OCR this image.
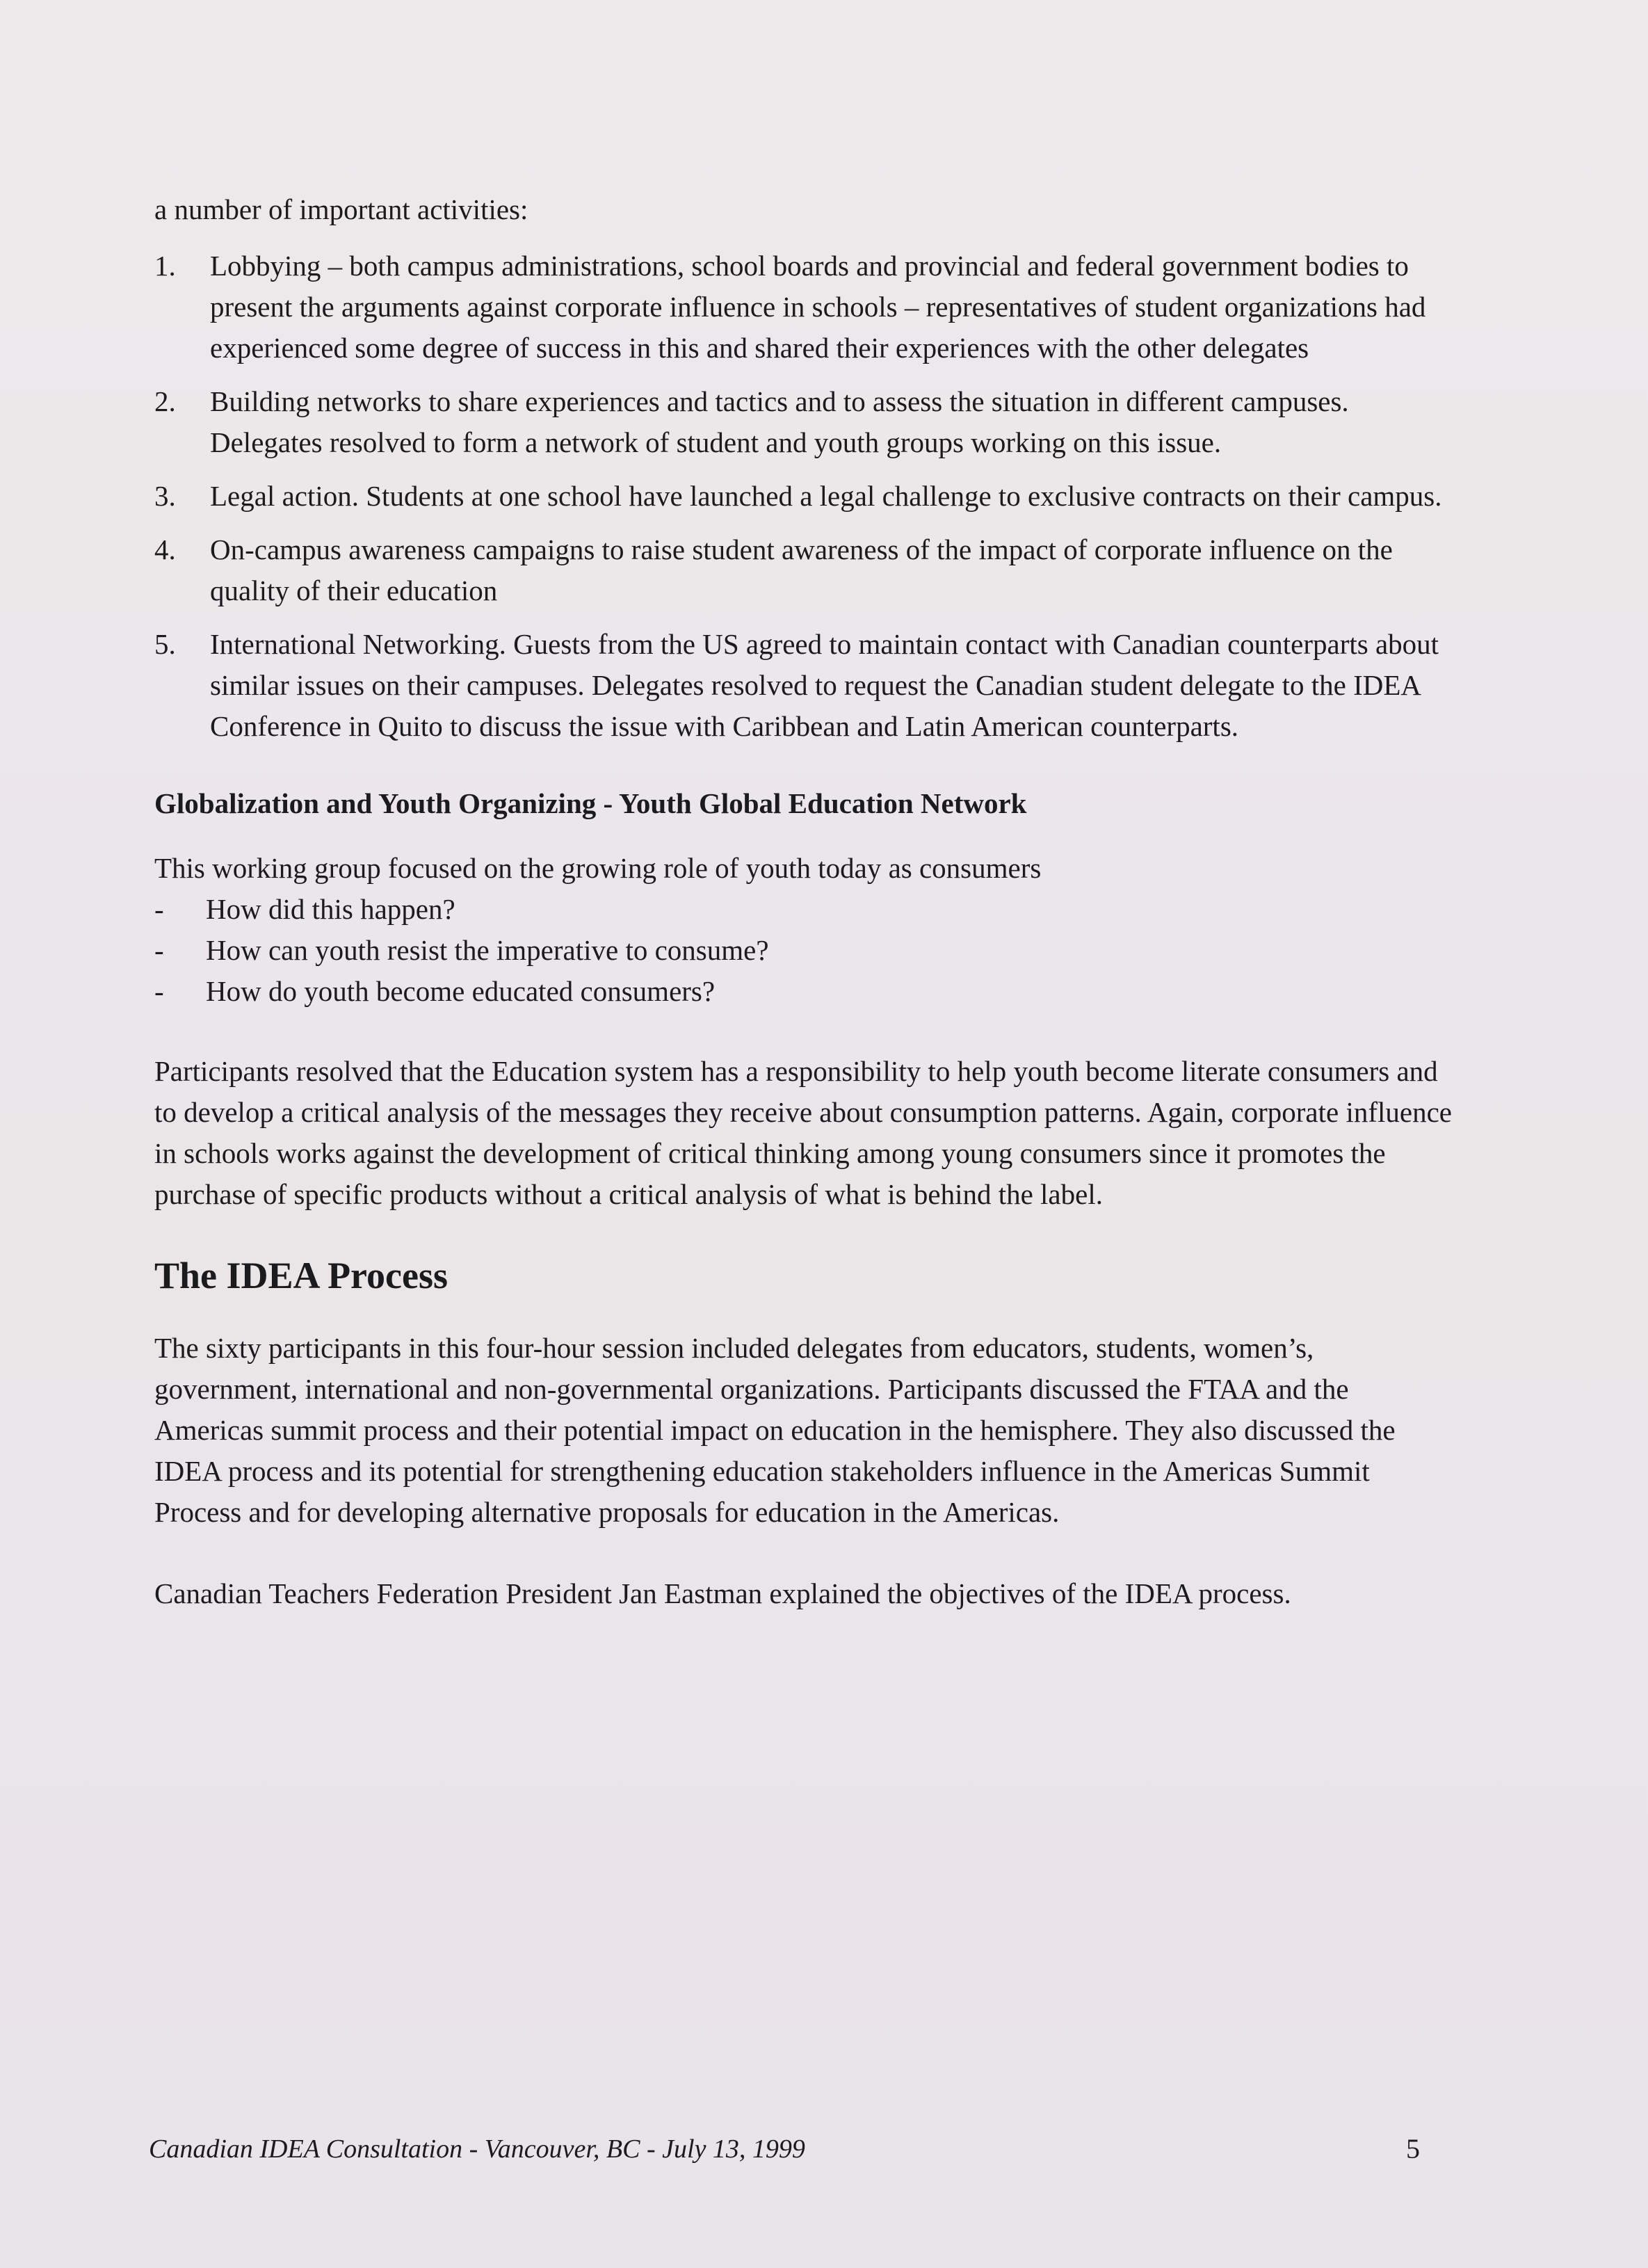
a number of important activities:

1. Lobbying – both campus administrations, school boards and provincial and federal government bodies to present the arguments against corporate influence in schools – representatives of student organizations had experienced some degree of success in this and shared their experiences with the other delegates
2. Building networks to share experiences and tactics and to assess the situation in different campuses. Delegates resolved to form a network of student and youth groups working on this issue.
3. Legal action. Students at one school have launched a legal challenge to exclusive contracts on their campus.
4. On-campus awareness campaigns to raise student awareness of the impact of corporate influence on the quality of their education
5. International Networking. Guests from the US agreed to maintain contact with Canadian counterparts about similar issues on their campuses. Delegates resolved to request the Canadian student delegate to the IDEA Conference in Quito to discuss the issue with Caribbean and Latin American counterparts.
Globalization and Youth Organizing - Youth Global Education Network

This working group focused on the growing role of youth today as consumers

- How did this happen?
- How can youth resist the imperative to consume?
- How do youth become educated consumers?

Participants resolved that the Education system has a responsibility to help youth become literate consumers and to develop a critical analysis of the messages they receive about consumption patterns. Again, corporate influence in schools works against the development of critical thinking among young consumers since it promotes the purchase of specific products without a critical analysis of what is behind the label.

The IDEA Process

The sixty participants in this four-hour session included delegates from educators, students, women’s, government, international and non-governmental organizations. Participants discussed the FTAA and the Americas summit process and their potential impact on education in the hemisphere. They also discussed the IDEA process and its potential for strengthening education stakeholders influence in the Americas Summit Process and for developing alternative proposals for education in the Americas.

Canadian Teachers Federation President Jan Eastman explained the objectives of the IDEA process.

Canadian IDEA Consultation - Vancouver, BC - July 13, 1999	5
